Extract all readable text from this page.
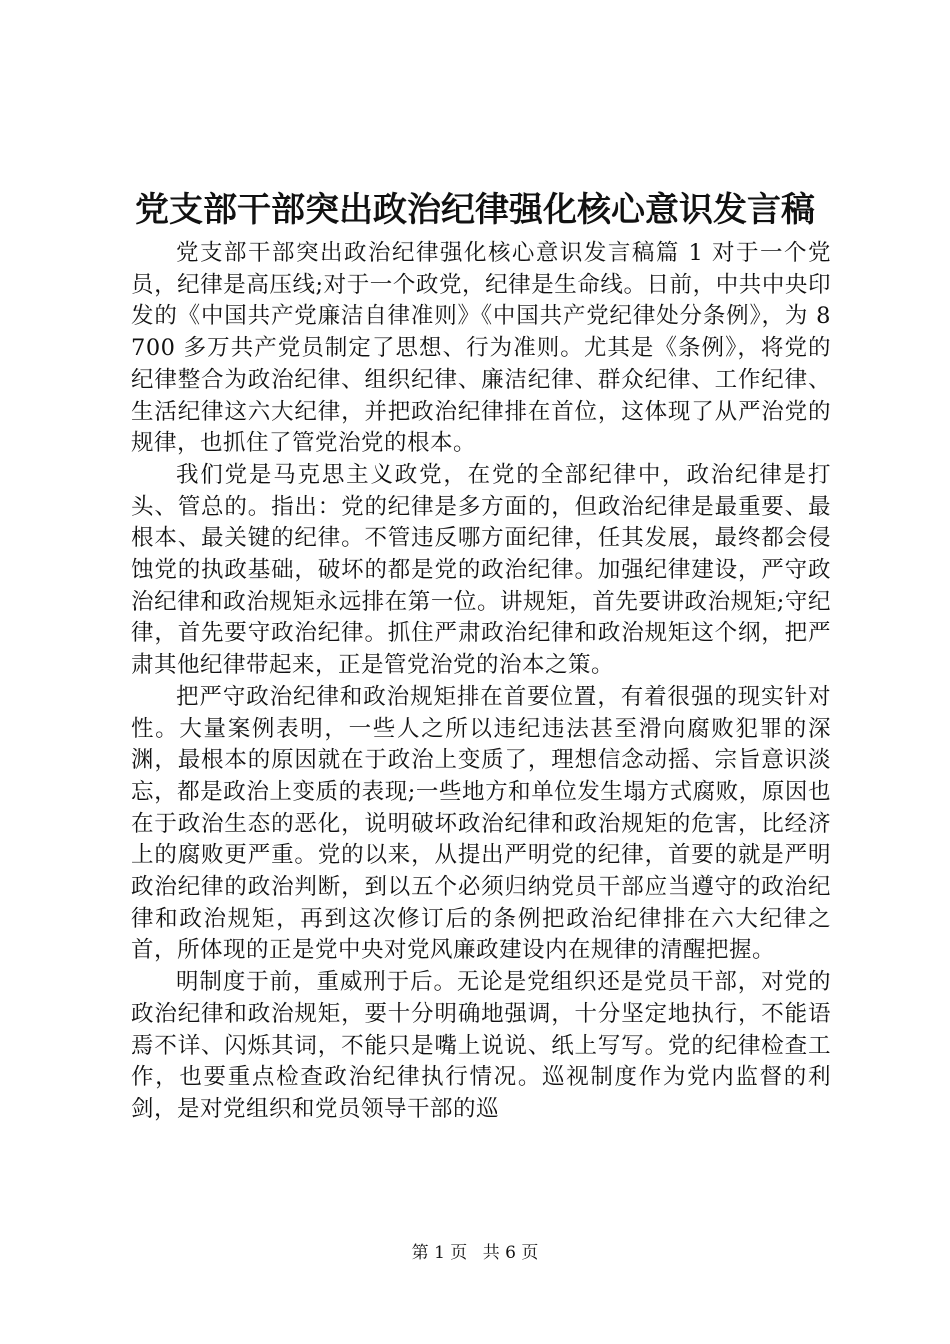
党支部干部突出政治纪律强化核心意识发言稿

党支部干部突出政治纪律强化核心意识发言稿篇 1 对于一个党员，纪律是高压线;对于一个政党，纪律是生命线。日前，中共中央印发的《中国共产党廉洁自律准则》《中国共产党纪律处分条例》，为 8700 多万共产党员制定了思想、行为准则。尤其是《条例》，将党的纪律整合为政治纪律、组织纪律、廉洁纪律、群众纪律、工作纪律、生活纪律这六大纪律，并把政治纪律排在首位，这体现了从严治党的规律，也抓住了管党治党的根本。

我们党是马克思主义政党，在党的全部纪律中，政治纪律是打头、管总的。指出：党的纪律是多方面的，但政治纪律是最重要、最根本、最关键的纪律。不管违反哪方面纪律，任其发展，最终都会侵蚀党的执政基础，破坏的都是党的政治纪律。加强纪律建设，严守政治纪律和政治规矩永远排在第一位。讲规矩，首先要讲政治规矩;守纪律，首先要守政治纪律。抓住严肃政治纪律和政治规矩这个纲，把严肃其他纪律带起来，正是管党治党的治本之策。

把严守政治纪律和政治规矩排在首要位置，有着很强的现实针对性。大量案例表明，一些人之所以违纪违法甚至滑向腐败犯罪的深渊，最根本的原因就在于政治上变质了，理想信念动摇、宗旨意识淡忘，都是政治上变质的表现;一些地方和单位发生塌方式腐败，原因也在于政治生态的恶化，说明破坏政治纪律和政治规矩的危害，比经济上的腐败更严重。党的以来，从提出严明党的纪律，首要的就是严明政治纪律的政治判断，到以五个必须归纳党员干部应当遵守的政治纪律和政治规矩，再到这次修订后的条例把政治纪律排在六大纪律之首，所体现的正是党中央对党风廉政建设内在规律的清醒把握。

明制度于前，重威刑于后。无论是党组织还是党员干部，对党的政治纪律和政治规矩，要十分明确地强调，十分坚定地执行，不能语焉不详、闪烁其词，不能只是嘴上说说、纸上写写。党的纪律检查工作，也要重点检查政治纪律执行情况。巡视制度作为党内监督的利剑，是对党组织和党员领导干部的巡

第 1 页 共 6 页
